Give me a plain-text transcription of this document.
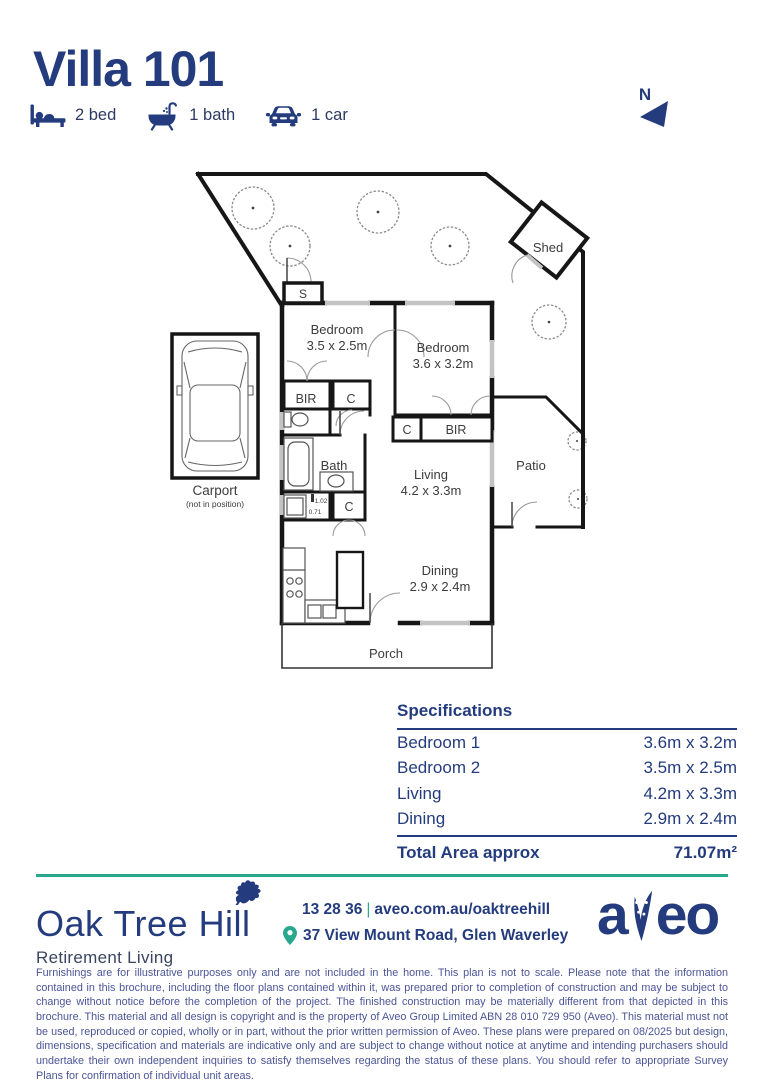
Villa 101
2 bed	1 bath	1 car
N
Bedroom
3.5 x 2.5m	Bedroom
3.6 x 3.2m
BIR C
C	BIR
Bath
Living
4.2 x 3.3m
Dining
2.9 x 2.4m
Patio
Porch
Shed
S
C
1.02
0.71
Carport
(not in position)
Specifications
Bedroom 1	3.6m x 3.2m
Bedroom 2	3.5m x 2.5m
Living	4.2m x 3.3m
Dining	2.9m x 2.4m
Total Area approx	71.07m²
Oak Tree Hill
Retirement Living
13 28 36 | aveo.com.au/oaktreehill
37 View Mount Road, Glen Waverley a eo
Furnishings are for illustrative purposes only and are not included in the home. This plan is not to scale. Please note that the information contained in this brochure, including the floor plans contained within it, was prepared prior to completion of construction and may be subject to change without notice before the completion of the project. The finished construction may be materially different from that depicted in this brochure. This material and all design is copyright and is the property of Aveo Group Limited ABN 28 010 729 950 (Aveo). This material must not be used, reproduced or copied, wholly or in part, without the prior written permission of Aveo. These plans were prepared on 08/2025 but design, dimensions, specification and materials are indicative only and are subject to change without notice at anytime and intending purchasers should undertake their own independent inquiries to satisfy themselves regarding the status of these plans. You should refer to appropriate Survey Plans for confirmation of individual unit areas.
